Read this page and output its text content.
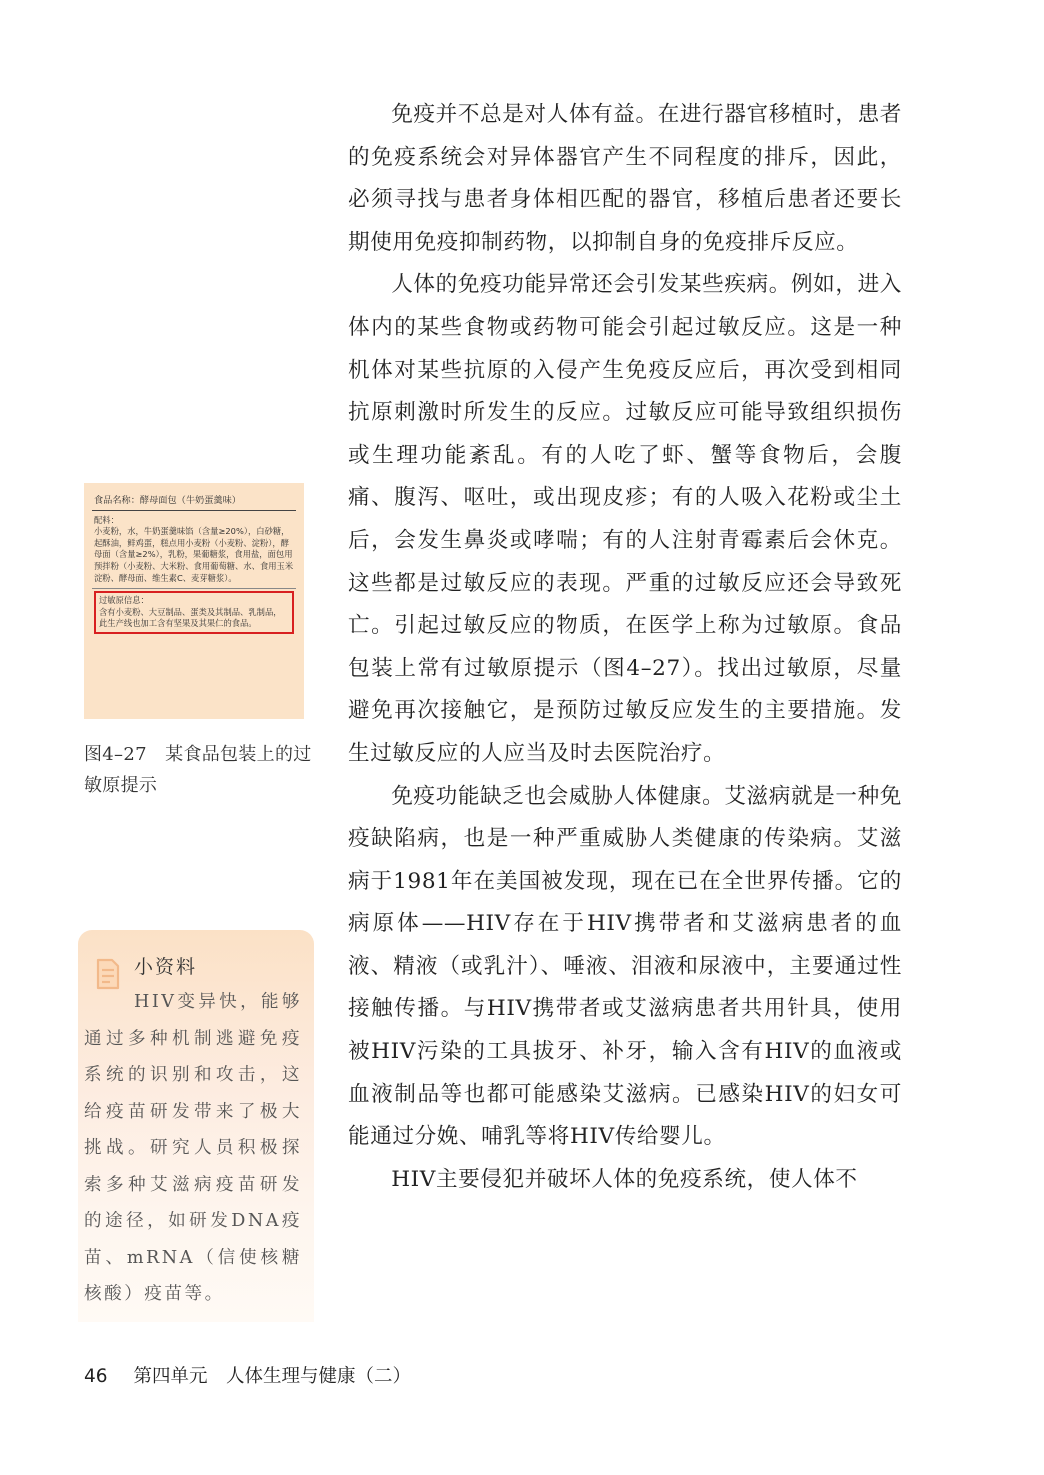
免疫并不总是对人体有益。在进行器官移植时，患者的免疫系统会对异体器官产生不同程度的排斥，因此，必须寻找与患者身体相匹配的器官，移植后患者还要长期使用免疫抑制药物，以抑制自身的免疫排斥反应。

人体的免疫功能异常还会引发某些疾病。例如，进入体内的某些食物或药物可能会引起过敏反应。这是一种机体对某些抗原的入侵产生免疫反应后，再次受到相同抗原刺激时所发生的反应。过敏反应可能导致组织损伤或生理功能紊乱。有的人吃了虾、蟹等食物后，会腹痛、腹泻、呕吐，或出现皮疹；有的人吸入花粉或尘土后，会发生鼻炎或哮喘；有的人注射青霉素后会休克。这些都是过敏反应的表现。严重的过敏反应还会导致死亡。引起过敏反应的物质，在医学上称为过敏原。食品包装上常有过敏原提示（图4–27）。找出过敏原，尽量避免再次接触它，是预防过敏反应发生的主要措施。发生过敏反应的人应当及时去医院治疗。

免疫功能缺乏也会威胁人体健康。艾滋病就是一种免疫缺陷病，也是一种严重威胁人类健康的传染病。艾滋病于1981年在美国被发现，现在已在全世界传播。它的病原体——HIV存在于HIV携带者和艾滋病患者的血液、精液（或乳汁）、唾液、泪液和尿液中，主要通过性接触传播。与HIV携带者或艾滋病患者共用针具，使用被HIV污染的工具拔牙、补牙，输入含有HIV的血液或血液制品等也都可能感染艾滋病。已感染HIV的妇女可能通过分娩、哺乳等将HIV传给婴儿。

HIV主要侵犯并破坏人体的免疫系统，使人体不

食品名称：酵母面包（牛奶蛋羹味）
配料：
小麦粉，水，牛奶蛋羹味馅（含量≥20%），白砂糖，起酥油，鲜鸡蛋，糕点用小麦粉（小麦粉、淀粉），酵母面（含量≥2%），乳粉，果葡糖浆，食用盐，面包用预拌粉（小麦粉、大米粉、食用葡萄糖、水、食用玉米淀粉、酵母面、维生素C、麦芽糖浆）。
过敏原信息：
含有小麦粉、大豆制品、蛋类及其制品、乳制品，此生产线也加工含有坚果及其果仁的食品。
图4–27　某食品包装上的过敏原提示
小资料

HIV变异快，能够通过多种机制逃避免疫系统的识别和攻击，这给疫苗研发带来了极大挑战。研究人员积极探索多种艾滋病疫苗研发的途径，如研发DNA疫苗、mRNA（信使核糖核酸）疫苗等。

46 第四单元　人体生理与健康（二）
